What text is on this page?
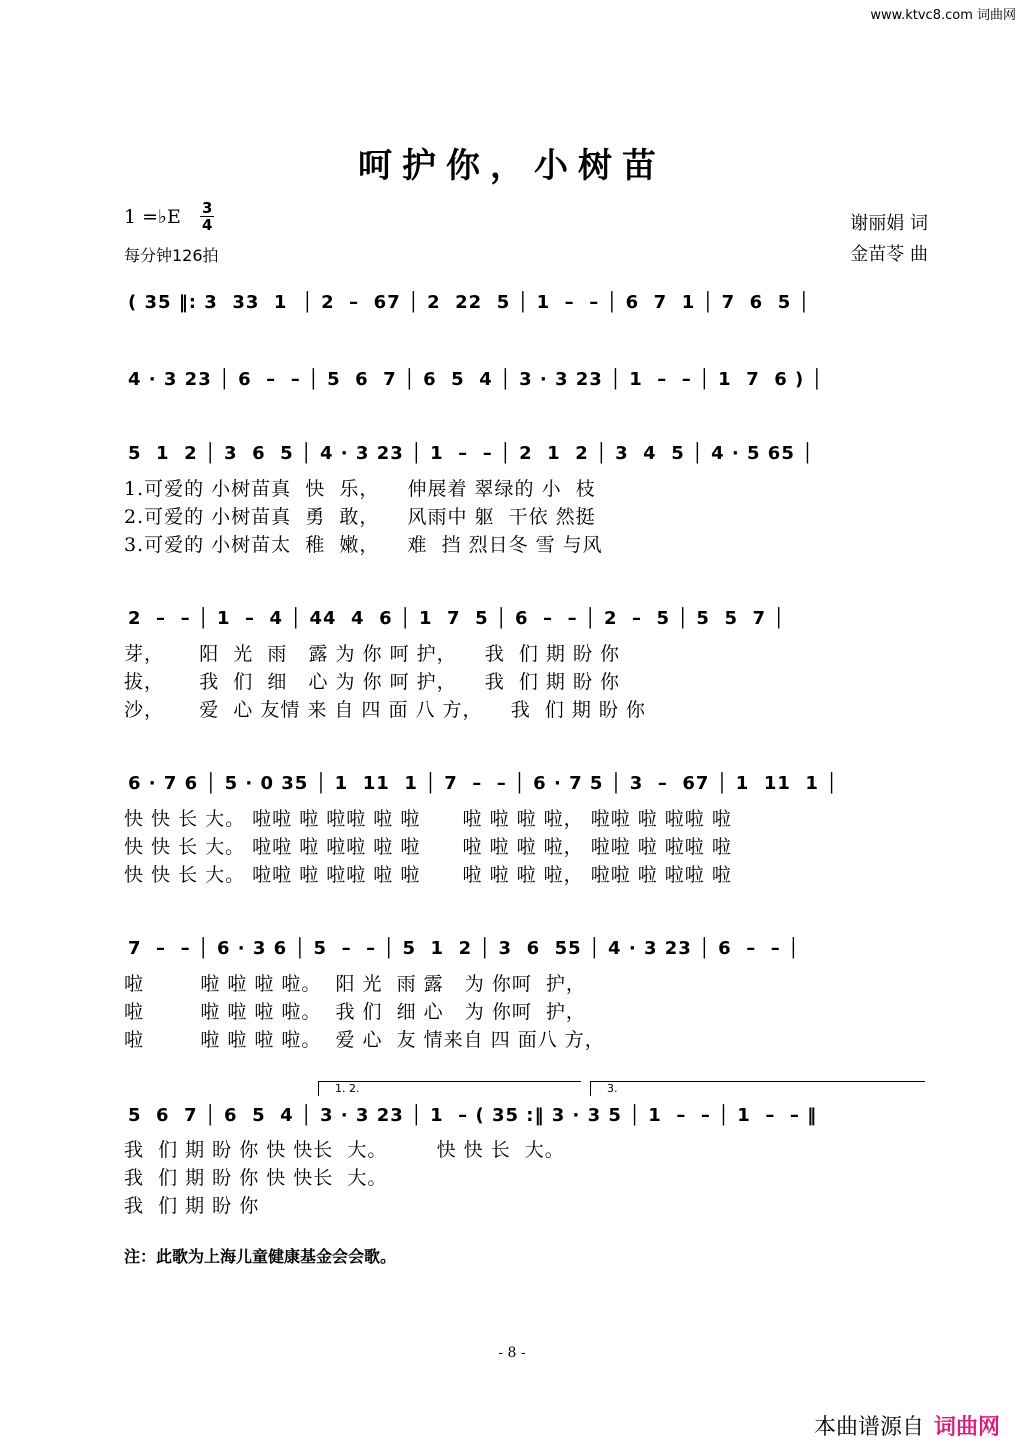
www.ktvc8.com 词曲网
呵护你，小树苗
1 =♭E $\frac{3}{4}$
每分钟126拍
谢丽娟 词
金苗苓 曲

( 35 ‖: 3  33  1  │ 2  –  67 │ 2  22  5 │ 1  –  – │ 6  7  1 │ 7  6  5 │

4 · 3 23 │ 6  –  – │ 5  6  7 │ 6  5  4 │ 3 · 3 23 │ 1  –  – │ 1  7  6 ) │

5  1  2 │ 3  6  5 │ 4 · 3 23 │ 1  –  – │ 2  1  2 │ 3  4  5 │ 4 · 5 65 │

1.可爱的 小树苗真  快  乐，    伸展着 翠绿的 小  枝
2.可爱的 小树苗真  勇  敢，    风雨中 躯  干依 然挺
3.可爱的 小树苗太  稚  嫩，    难  挡 烈日冬 雪 与风

2  –  – │ 1  –  4 │ 44  4  6 │ 1  7  5 │ 6  –  – │ 2  –  5 │ 5  5  7 │

芽，     阳  光  雨   露 为 你 呵 护，    我  们 期 盼 你
拔，     我  们  细   心 为 你 呵 护，    我  们 期 盼 你
沙，     爱  心 友情 来 自 四 面 八 方，    我  们 期 盼 你

6 · 7 6 │ 5 · 0 35 │ 1  11  1 │ 7  –  – │ 6 · 7 5 │ 3  –  67 │ 1  11  1 │

快 快 长 大。 啦啦 啦 啦啦 啦 啦      啦 啦 啦 啦， 啦啦 啦 啦啦 啦
快 快 长 大。 啦啦 啦 啦啦 啦 啦      啦 啦 啦 啦， 啦啦 啦 啦啦 啦
快 快 长 大。 啦啦 啦 啦啦 啦 啦      啦 啦 啦 啦， 啦啦 啦 啦啦 啦

7  –  – │ 6 · 3 6 │ 5  –  – │ 5  1  2 │ 3  6  55 │ 4 · 3 23 │ 6  –  – │

啦        啦 啦 啦 啦。  阳 光  雨 露   为 你呵  护，
啦        啦 啦 啦 啦。  我 们  细 心   为 你呵  护，
啦        啦 啦 啦 啦。  爱 心  友 情来自 四 面八 方，
1. 2.	3.

5  6  7 │ 6  5  4 │ 3 · 3 23 │ 1  – ( 35 :‖ 3 · 3 5 │ 1  –  – │ 1  –  – ‖

我  们 期 盼 你 快 快长  大。       快 快 长  大。
我  们 期 盼 你 快 快长  大。
我  们 期 盼 你
注：此歌为上海儿童健康基金会会歌。
- 8 -
本曲谱源自 词曲网
